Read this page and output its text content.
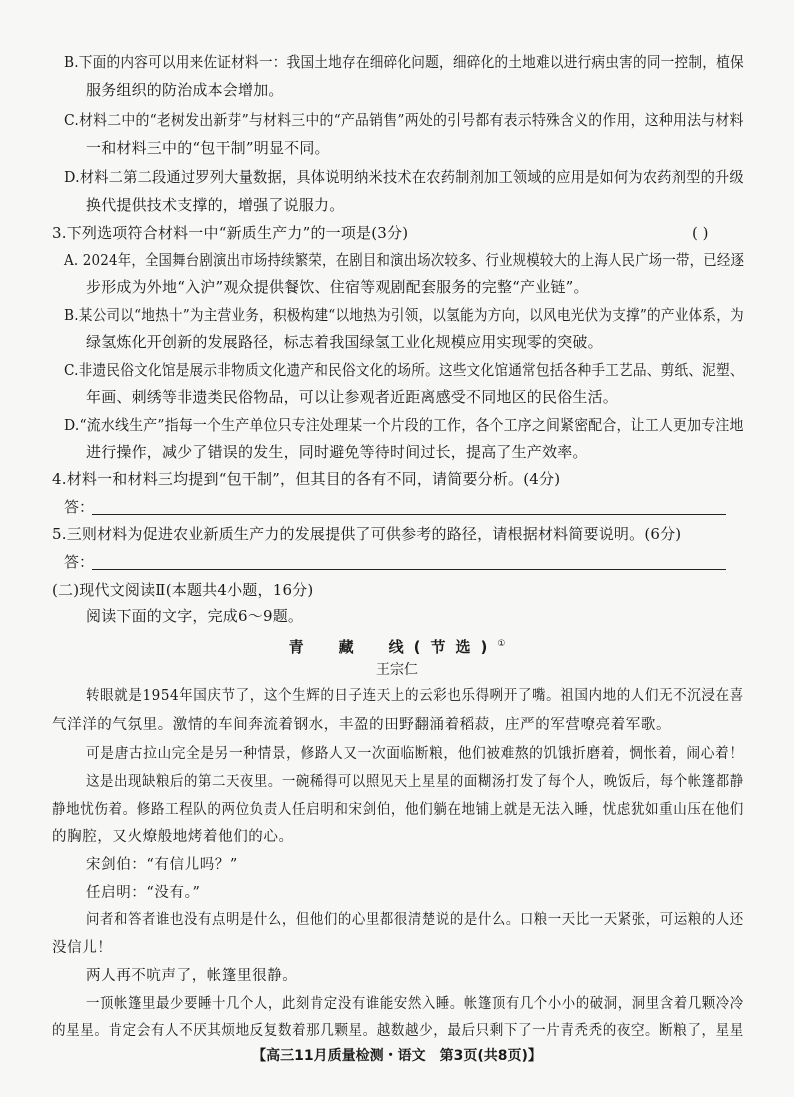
B.下面的内容可以用来佐证材料一：我国土地存在细碎化问题，细碎化的土地难以进行病虫害的同一控制，植保
服务组织的防治成本会增加。
C.材料二中的“老树发出新芽”与材料三中的“产品销售”两处的引号都有表示特殊含义的作用，这种用法与材料
一和材料三中的“包干制”明显不同。
D.材料二第二段通过罗列大量数据，具体说明纳米技术在农药制剂加工领域的应用是如何为农药剂型的升级
换代提供技术支撑的，增强了说服力。
3.下列选项符合材料一中“新质生产力”的一项是(3分)	( )
A. 2024年，全国舞台剧演出市场持续繁荣，在剧目和演出场次较多、行业规模较大的上海人民广场一带，已经逐
步形成为外地“入沪”观众提供餐饮、住宿等观剧配套服务的完整“产业链”。
B.某公司以“地热十”为主营业务，积极构建“以地热为引领，以氢能为方向，以风电光伏为支撑”的产业体系，为
绿氢炼化开创新的发展路径，标志着我国绿氢工业化规模应用实现零的突破。
C.非遗民俗文化馆是展示非物质文化遗产和民俗文化的场所。这些文化馆通常包括各种手工艺品、剪纸、泥塑、
年画、刺绣等非遗类民俗物品，可以让参观者近距离感受不同地区的民俗生活。
D.“流水线生产”指每一个生产单位只专注处理某一个片段的工作，各个工序之间紧密配合，让工人更加专注地
进行操作，减少了错误的发生，同时避免等待时间过长，提高了生产效率。
4.材料一和材料三均提到“包干制”，但其目的各有不同，请简要分析。(4分)
答：
5.三则材料为促进农业新质生产力的发展提供了可供参考的路径，请根据材料简要说明。(6分)
答：
(二)现代文阅读Ⅱ(本题共4小题，16分)
阅读下面的文字，完成6～9题。
青　藏　线(节选)①
王宗仁
转眼就是1954年国庆节了，这个生辉的日子连天上的云彩也乐得咧开了嘴。祖国内地的人们无不沉浸在喜
气洋洋的气氛里。激情的车间奔流着钢水，丰盈的田野翻涌着稻菽，庄严的军营嘹亮着军歌。
可是唐古拉山完全是另一种情景，修路人又一次面临断粮，他们被难熬的饥饿折磨着，惆怅着，闹心着！
这是出现缺粮后的第二天夜里。一碗稀得可以照见天上星星的面糊汤打发了每个人，晚饭后，每个帐篷都静
静地忧伤着。修路工程队的两位负责人任启明和宋剑伯，他们躺在地铺上就是无法入睡，忧虑犹如重山压在他们
的胸腔，又火燎般地烤着他们的心。
宋剑伯：“有信儿吗？”
任启明：“没有。”
问者和答者谁也没有点明是什么，但他们的心里都很清楚说的是什么。口粮一天比一天紧张，可运粮的人还
没信儿！
两人再不吭声了，帐篷里很静。
一顶帐篷里最少要睡十几个人，此刻肯定没有谁能安然入睡。帐篷顶有几个小小的破洞，洞里含着几颗冷冷
的星星。肯定会有人不厌其烦地反复数着那几颗星。越数越少，最后只剩下了一片青秃秃的夜空。断粮了，星星
【高三11月质量检测・语文　第3页(共8页)】
